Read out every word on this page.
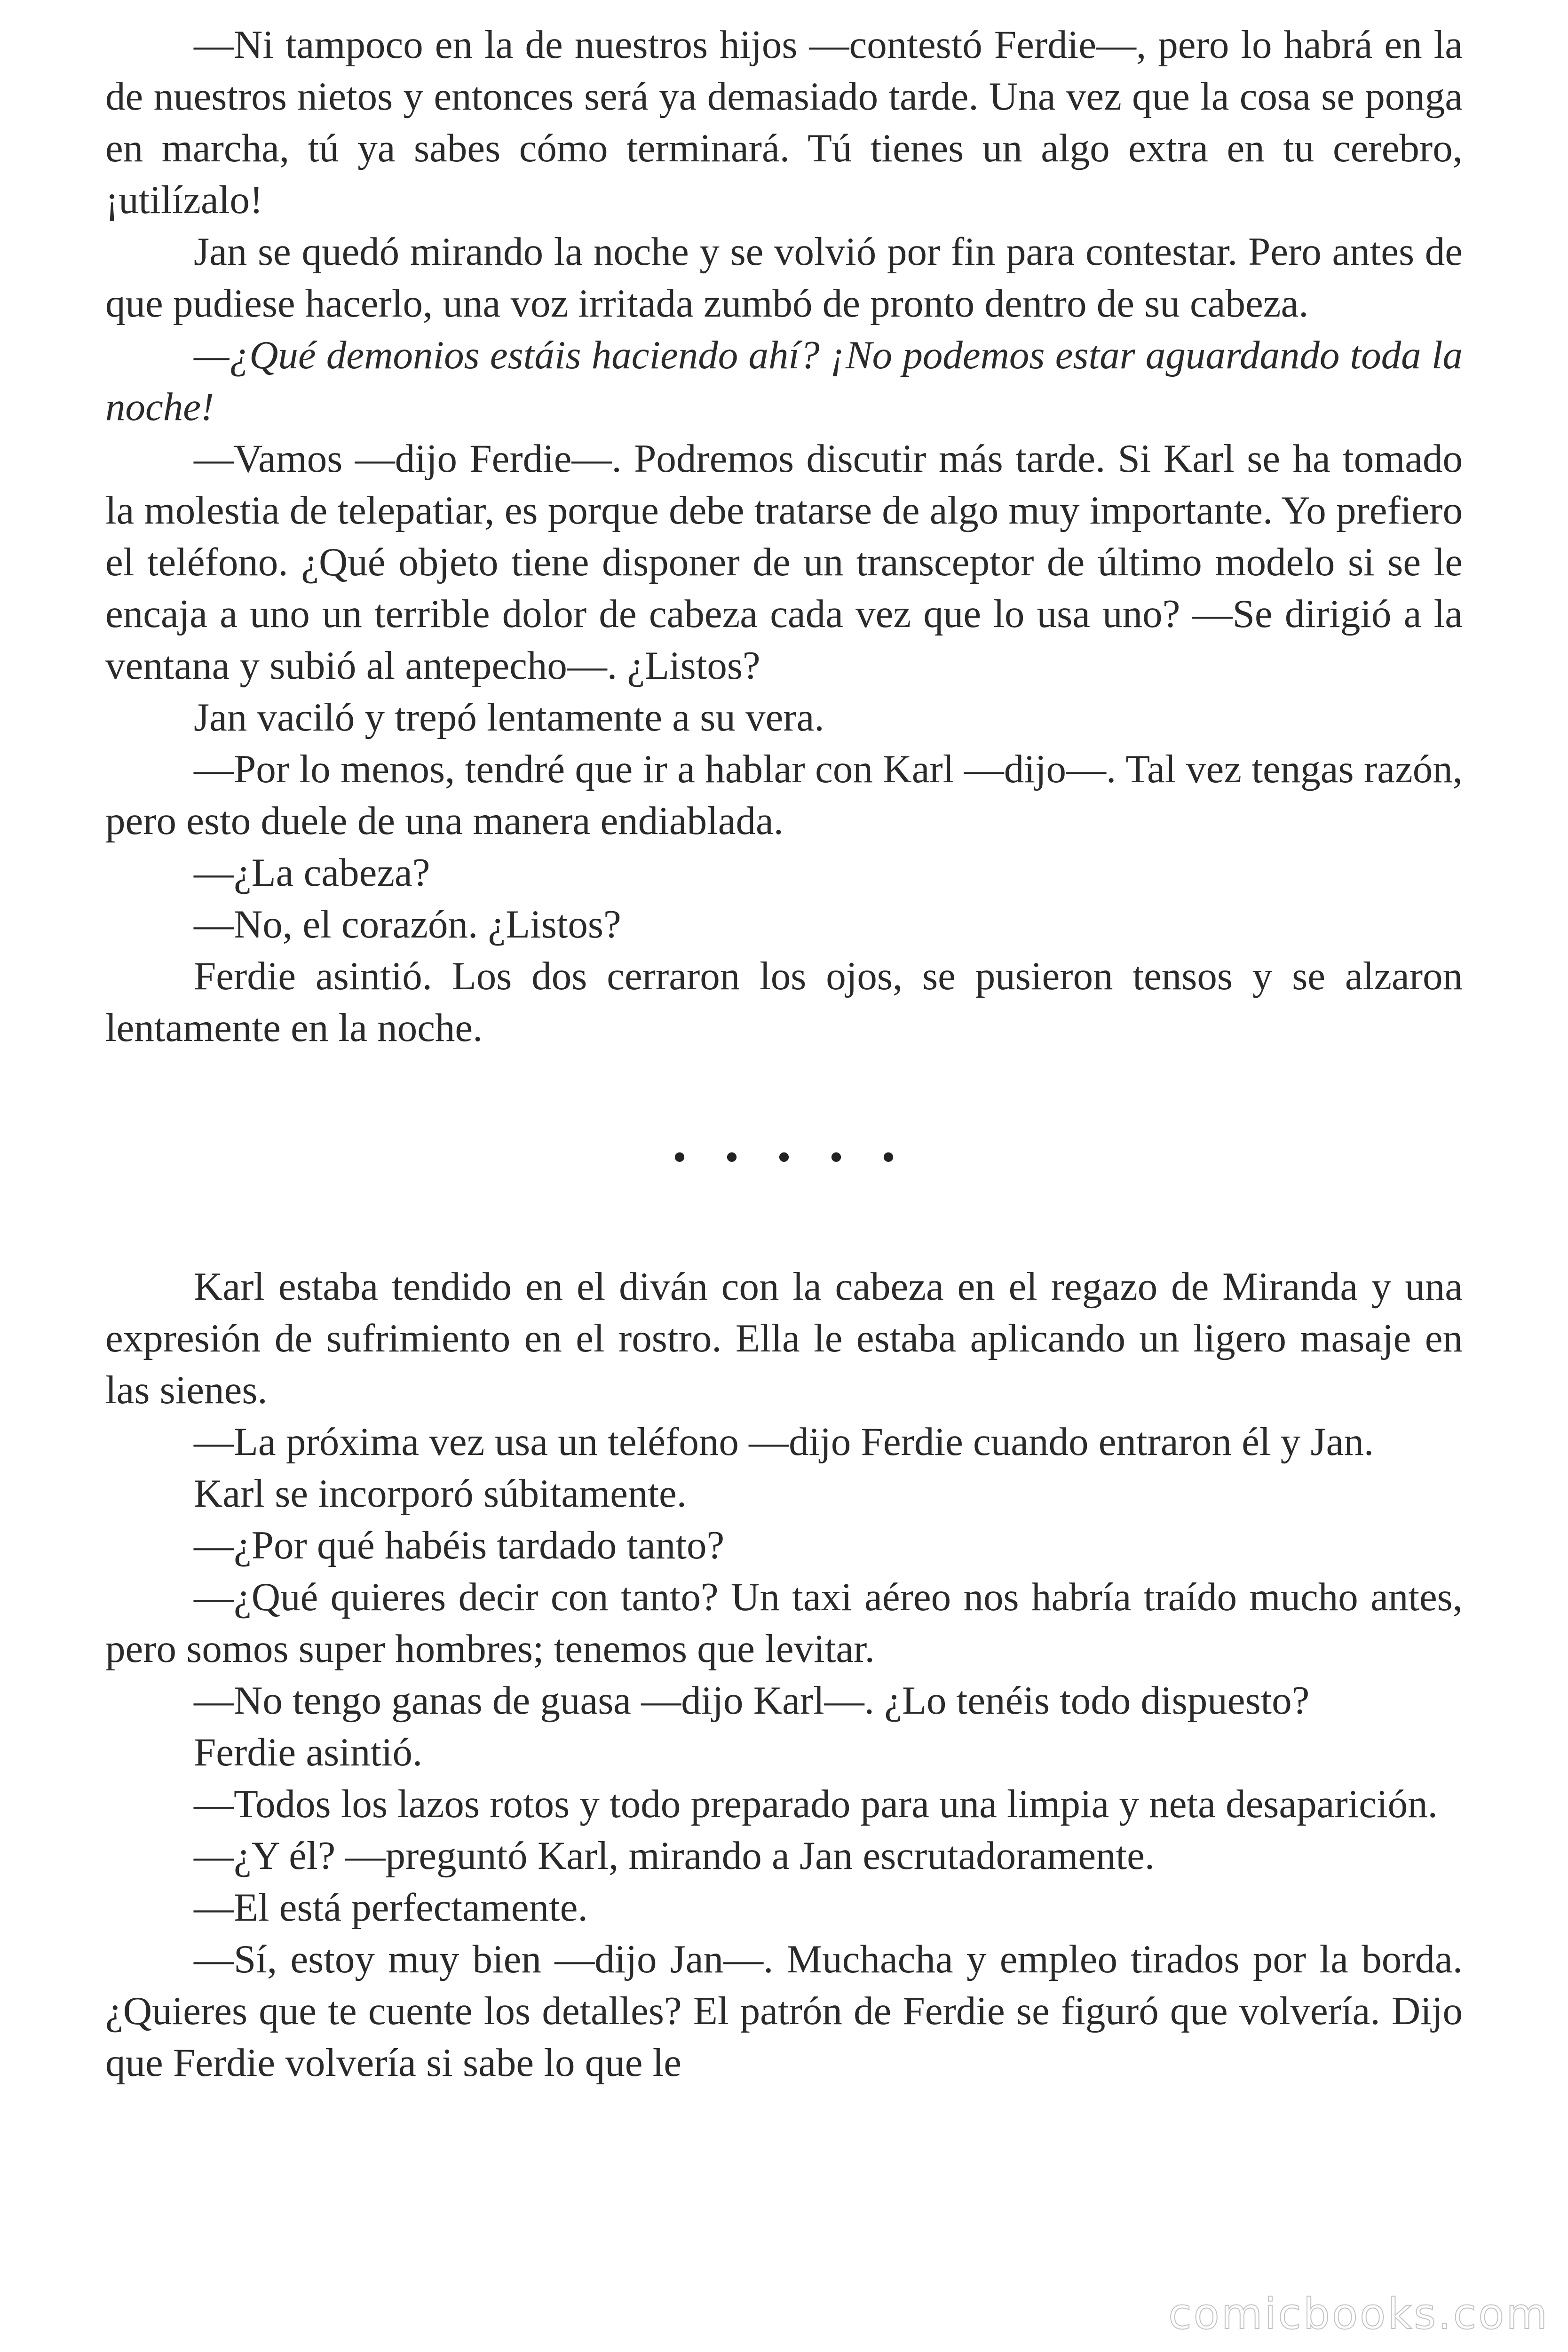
—Ni tampoco en la de nuestros hijos —contestó Ferdie—, pero lo habrá en la de nuestros nietos y entonces será ya demasiado tarde. Una vez que la cosa se ponga en marcha, tú ya sabes cómo terminará. Tú tienes un algo extra en tu cerebro, ¡utilízalo!

Jan se quedó mirando la noche y se volvió por fin para contestar. Pero antes de que pudiese hacerlo, una voz irritada zumbó de pronto dentro de su cabeza.

—¿Qué demonios estáis haciendo ahí? ¡No podemos estar aguardando toda la noche!

—Vamos —dijo Ferdie—. Podremos discutir más tarde. Si Karl se ha tomado la molestia de telepatiar, es porque debe tratarse de algo muy importante. Yo prefiero el teléfono. ¿Qué objeto tiene disponer de un transceptor de último modelo si se le encaja a uno un terrible dolor de cabeza cada vez que lo usa uno? —Se dirigió a la ventana y subió al antepecho—. ¿Listos?

Jan vaciló y trepó lentamente a su vera.

—Por lo menos, tendré que ir a hablar con Karl —dijo—. Tal vez tengas razón, pero esto duele de una manera endiablada.

—¿La cabeza?

—No, el corazón. ¿Listos?

Ferdie asintió. Los dos cerraron los ojos, se pusieron tensos y se alzaron lentamente en la noche.

• • • • •

Karl estaba tendido en el diván con la cabeza en el regazo de Miranda y una expresión de sufrimiento en el rostro. Ella le estaba aplicando un ligero masaje en las sienes.

—La próxima vez usa un teléfono —dijo Ferdie cuando entraron él y Jan.

Karl se incorporó súbitamente.

—¿Por qué habéis tardado tanto?

—¿Qué quieres decir con tanto? Un taxi aéreo nos habría traído mucho antes, pero somos super hombres; tenemos que levitar.

—No tengo ganas de guasa —dijo Karl—. ¿Lo tenéis todo dispuesto?

Ferdie asintió.

—Todos los lazos rotos y todo preparado para una limpia y neta desaparición.

—¿Y él? —preguntó Karl, mirando a Jan escrutadoramente.

—El está perfectamente.

—Sí, estoy muy bien —dijo Jan—. Muchacha y empleo tirados por la borda. ¿Quieres que te cuente los detalles? El patrón de Ferdie se figuró que volvería. Dijo que Ferdie volvería si sabe lo que le

comicbooks.com
